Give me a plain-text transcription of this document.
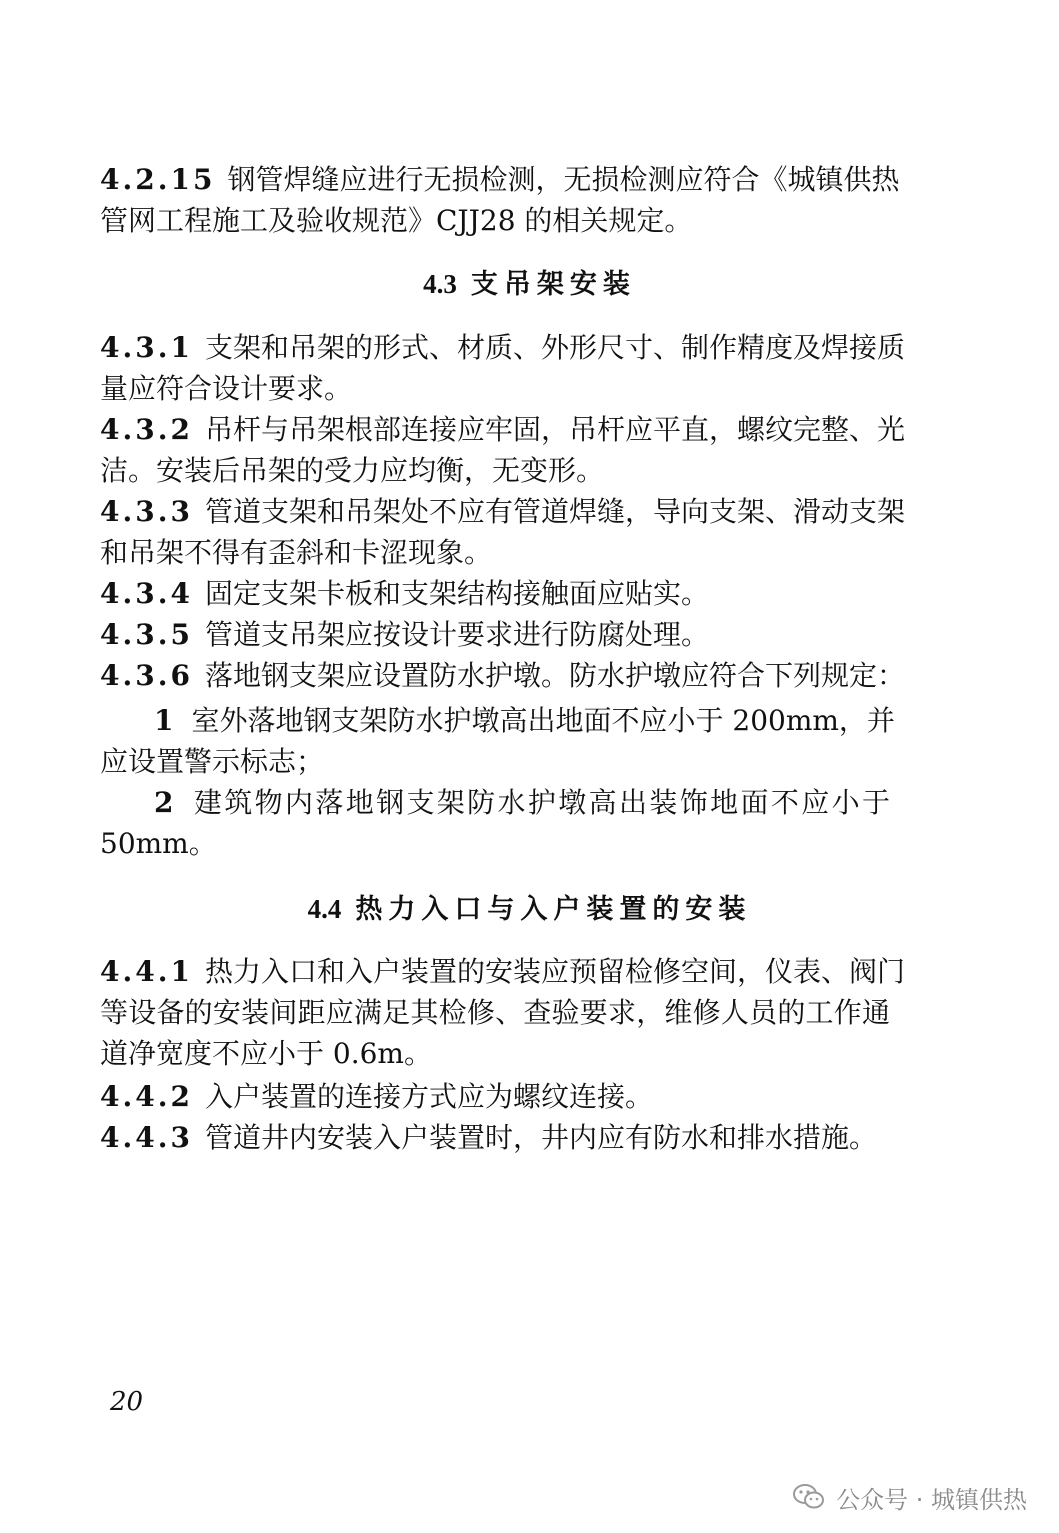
4.2.15 钢管焊缝应进行无损检测，无损检测应符合《城镇供热
管网工程施工及验收规范》CJJ28 的相关规定。
4.3 支吊架安装
4.3.1 支架和吊架的形式、材质、外形尺寸、制作精度及焊接质
量应符合设计要求。
4.3.2 吊杆与吊架根部连接应牢固，吊杆应平直，螺纹完整、光
洁。安装后吊架的受力应均衡，无变形。
4.3.3 管道支架和吊架处不应有管道焊缝，导向支架、滑动支架
和吊架不得有歪斜和卡涩现象。
4.3.4 固定支架卡板和支架结构接触面应贴实。
4.3.5 管道支吊架应按设计要求进行防腐处理。
4.3.6 落地钢支架应设置防水护墩。防水护墩应符合下列规定：
1 室外落地钢支架防水护墩高出地面不应小于 200mm，并
应设置警示标志；
2 建筑物内落地钢支架防水护墩高出装饰地面不应小于
50mm。
4.4 热力入口与入户装置的安装
4.4.1 热力入口和入户装置的安装应预留检修空间，仪表、阀门
等设备的安装间距应满足其检修、查验要求，维修人员的工作通
道净宽度不应小于 0.6m。
4.4.2 入户装置的连接方式应为螺纹连接。
4.4.3 管道井内安装入户装置时，井内应有防水和排水措施。
20
公众号 · 城镇供热
